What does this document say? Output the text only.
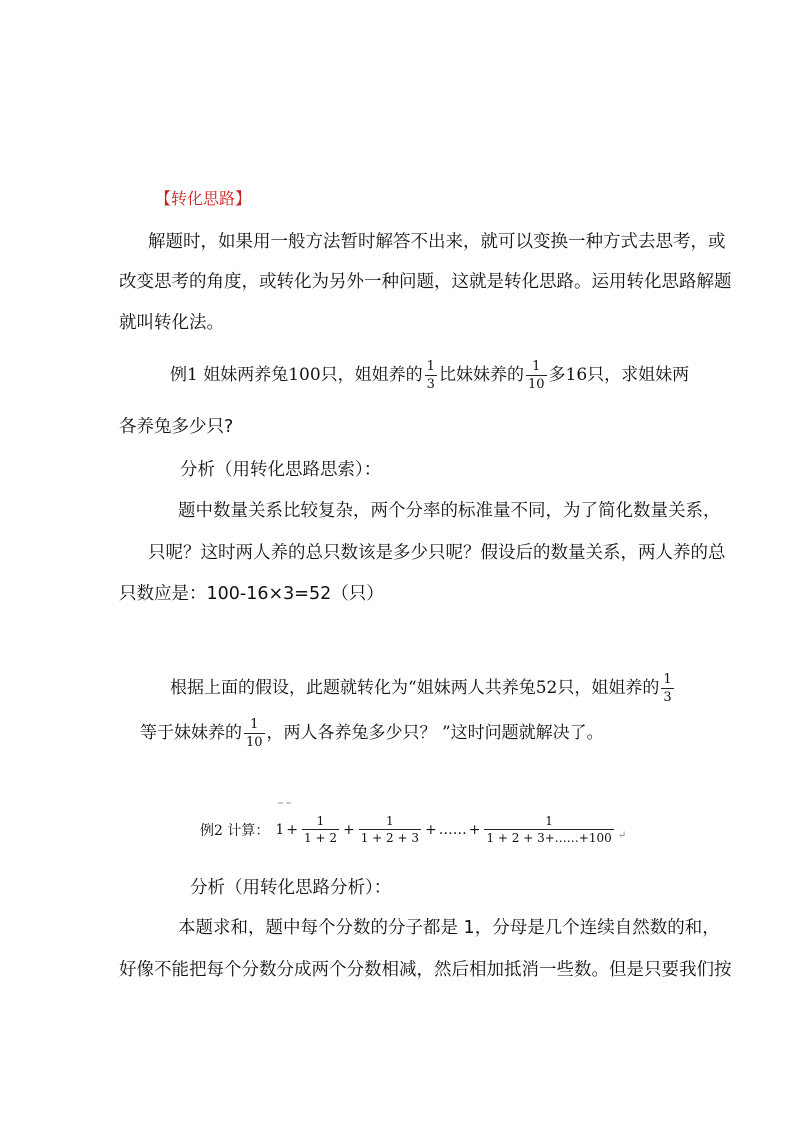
【转化思路】
解题时，如果用一般方法暂时解答不出来，就可以变换一种方式去思考，或
改变思考的角度，或转化为另外一种问题，这就是转化思路。运用转化思路解题
就叫转化法。
例1 姐妹两养兔100只，姐姐养的 $\frac{1}{3}$ 比妹妹养的 $\frac{1}{10}$ 多16只，求姐妹两
各养兔多少只?
分析（用转化思路思索）：
题中数量关系比较复杂，两个分率的标准量不同，为了简化数量关系，
只呢？这时两人养的总只数该是多少只呢？假设后的数量关系，两人养的总
只数应是：100-16×3=52（只）
根据上面的假设，此题就转化为“姐妹两人共养兔52只，姐姐养的 $\frac{1}{3}$
等于妹妹养的 $\frac{1}{10}$ ，两人各养兔多少只？ ”这时问题就解决了。
例2 计算： $1 + \frac{1}{1 + 2} + \frac{1}{1 + 2 + 3}$ + …… + $\frac{1}{1 + 2 + 3+\dots\dots+100}$ ↵
分析（用转化思路分析）：
本题求和，题中每个分数的分子都是 1，分母是几个连续自然数的和，
好像不能把每个分数分成两个分数相减，然后相加抵消一些数。但是只要我们按
